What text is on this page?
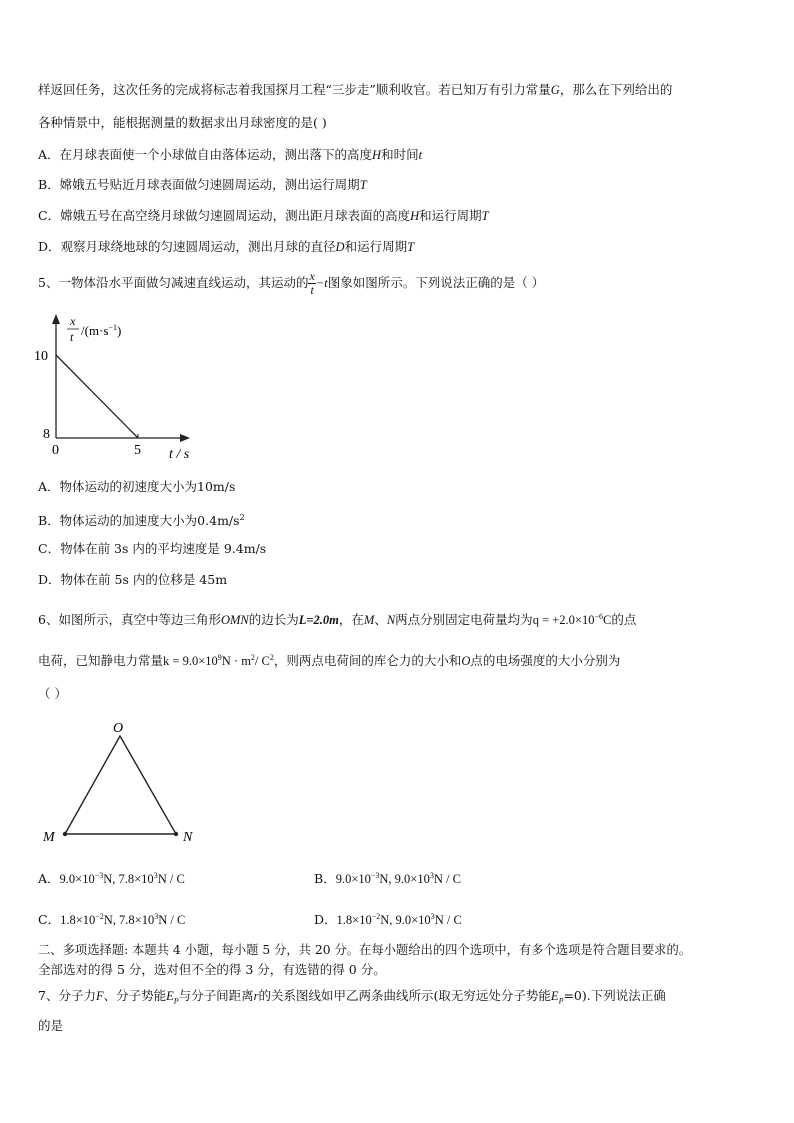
样返回任务，这次任务的完成将标志着我国探月工程“三步走”顺利收官。若已知万有引力常量G，那么在下列给出的
各种情景中，能根据测量的数据求出月球密度的是( )
A．在月球表面使一个小球做自由落体运动，测出落下的高度H和时间t
B．嫦娥五号贴近月球表面做匀速圆周运动，测出运行周期T
C．嫦娥五号在高空绕月球做匀速圆周运动，测出距月球表面的高度H和运行周期T
D．观察月球绕地球的匀速圆周运动，测出月球的直径D和运行周期T
5、一物体沿水平面做匀减速直线运动，其运动的 $\frac{x}{t} -t$图象如图所示。下列说法正确的是（ ）
x
t $/(m\cdot s^{-1})$
10
8
0	5 t / s
A．物体运动的初速度大小为10m/s
B．物体运动的加速度大小为$0.4m/s^2$
C．物体在前 3s 内的平均速度是 9.4m/s
D．物体在前 5s 内的位移是 45m
6、如图所示，真空中等边三角形OMN的边长为L=2.0m，在M、N两点分别固定电荷量均为$q = +2.0\times 10^{-6}C$的点
电荷，已知静电力常量$k = 9.0\times 10^9N \cdot m^2/$ $C^2$，则两点电荷间的库仑力的大小和O点的电场强度的大小分别为
（ ）
O
M	N
A．$9.0\times 10^{-3}N$, $7.8\times 10^3N / C$	B．$9.0\times 10^{-3}N$, $9.0\times 10^3N / C$
C．$1.8\times 10^{-2}N$, $7.8\times 10^3N / C$	D．$1.8\times 10^{-2}N$, $9.0\times 10^3N / C$
二、多项选择题: 本题共 4 小题，每小题 5 分，共 20 分。在每小题给出的四个选项中，有多个选项是符合题目要求的。
全部选对的得 5 分，选对但不全的得 3 分，有选错的得 0 分。
7、分子力F、分子势能$E_P$与分子间距离r的关系图线如甲乙两条曲线所示(取无穷远处分子势能$E_P=0$).下列说法正确
的是
